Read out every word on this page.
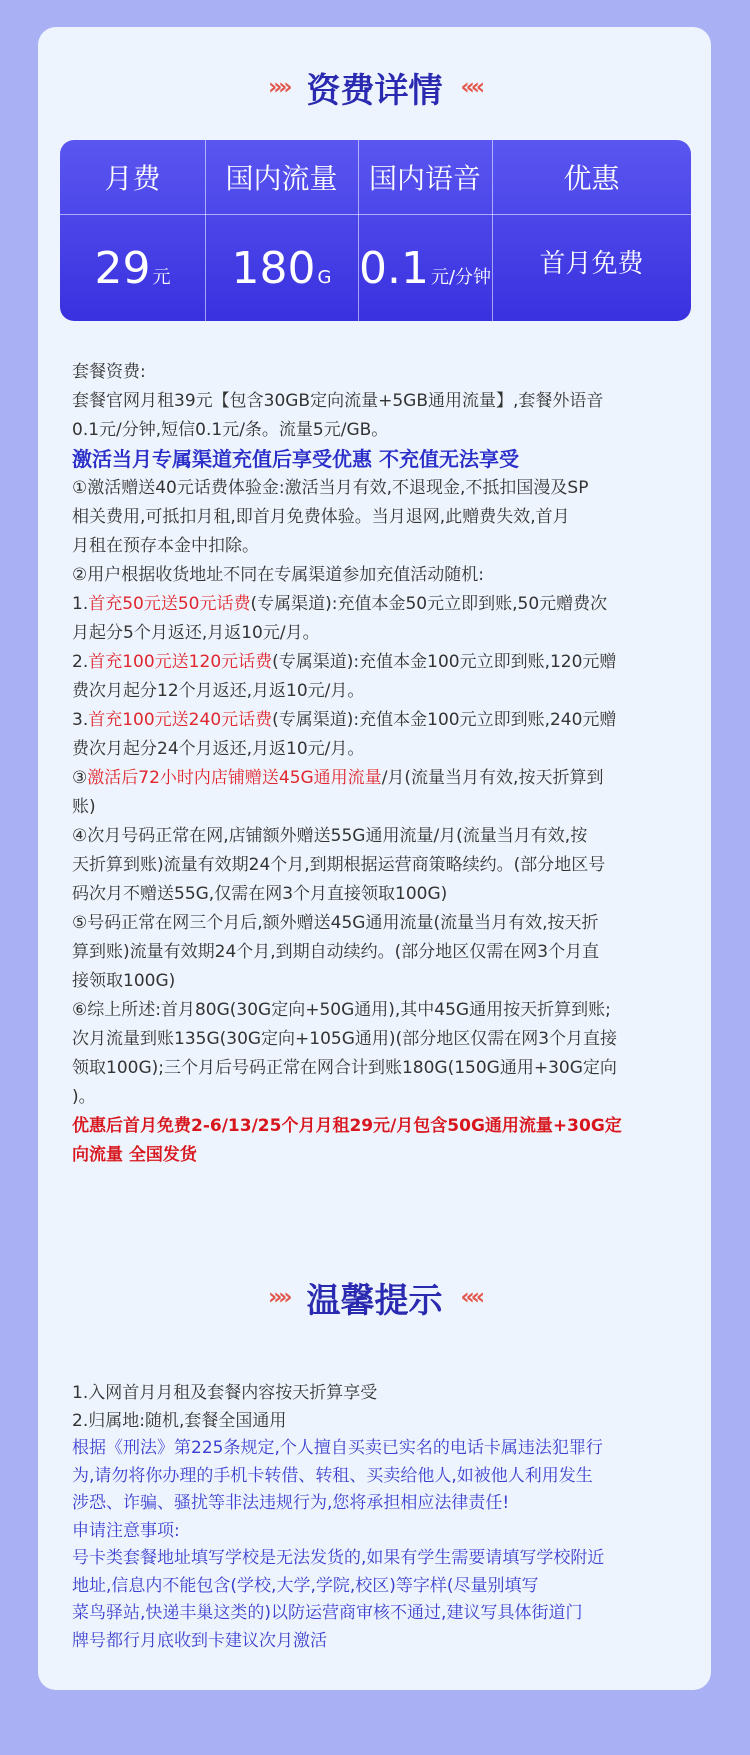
»» 资费详情 ««
月费
29 元
国内流量
180 G
国内语音
0.1 元/分钟
优惠
首月免费

套餐资费:

套餐官网月租39元【包含30GB定向流量+5GB通用流量】,套餐外语音

0.1元/分钟,短信0.1元/条。流量5元/GB。

激活当月专属渠道充值后享受优惠 不充值无法享受

①激活赠送40元话费体验金:激活当月有效,不退现金,不抵扣国漫及SP

相关费用,可抵扣月租,即首月免费体验。当月退网,此赠费失效,首月

月租在预存本金中扣除。

②用户根据收货地址不同在专属渠道参加充值活动随机:

1.首充50元送50元话费(专属渠道):充值本金50元立即到账,50元赠费次

月起分5个月返还,月返10元/月。

2.首充100元送120元话费(专属渠道):充值本金100元立即到账,120元赠

费次月起分12个月返还,月返10元/月。

3.首充100元送240元话费(专属渠道):充值本金100元立即到账,240元赠

费次月起分24个月返还,月返10元/月。

③激活后72小时内店铺赠送45G通用流量/月(流量当月有效,按天折算到

账)

④次月号码正常在网,店铺额外赠送55G通用流量/月(流量当月有效,按

天折算到账)流量有效期24个月,到期根据运营商策略续约。(部分地区号

码次月不赠送55G,仅需在网3个月直接领取100G)

⑤号码正常在网三个月后,额外赠送45G通用流量(流量当月有效,按天折

算到账)流量有效期24个月,到期自动续约。(部分地区仅需在网3个月直

接领取100G)

⑥综上所述:首月80G(30G定向+50G通用),其中45G通用按天折算到账;

次月流量到账135G(30G定向+105G通用)(部分地区仅需在网3个月直接

领取100G);三个月后号码正常在网合计到账180G(150G通用+30G定向

)。

优惠后首月免费2-6/13/25个月月租29元/月包含50G通用流量+30G定

向流量 全国发货

»» 温馨提示 ««

1.入网首月月租及套餐内容按天折算享受

2.归属地:随机,套餐全国通用

根据《刑法》第225条规定,个人擅自买卖已实名的电话卡属违法犯罪行

为,请勿将你办理的手机卡转借、转租、买卖给他人,如被他人利用发生

涉恐、诈骗、骚扰等非法违规行为,您将承担相应法律责任!

申请注意事项:

号卡类套餐地址填写学校是无法发货的,如果有学生需要请填写学校附近

地址,信息内不能包含(学校,大学,学院,校区)等字样(尽量别填写

菜鸟驿站,快递丰巢这类的)以防运营商审核不通过,建议写具体街道门

牌号都行月底收到卡建议次月激活
